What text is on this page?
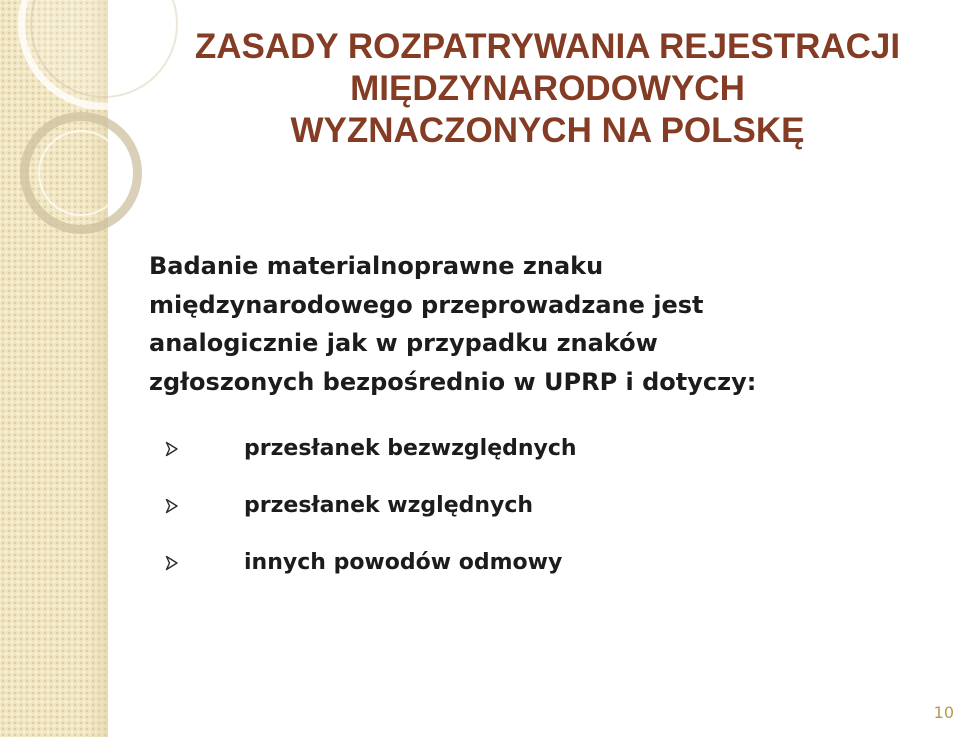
ZASADY ROZPATRYWANIA REJESTRACJI
MIĘDZYNARODOWYCH
WYZNACZONYCH NA POLSKĘ

Badanie materialnoprawne znaku
międzynarodowego przeprowadzane jest
analogicznie jak w przypadku znaków
zgłoszonych bezpośrednio w UPRP i dotyczy:

przesłanek bezwzględnych
przesłanek względnych
innych powodów odmowy
10
